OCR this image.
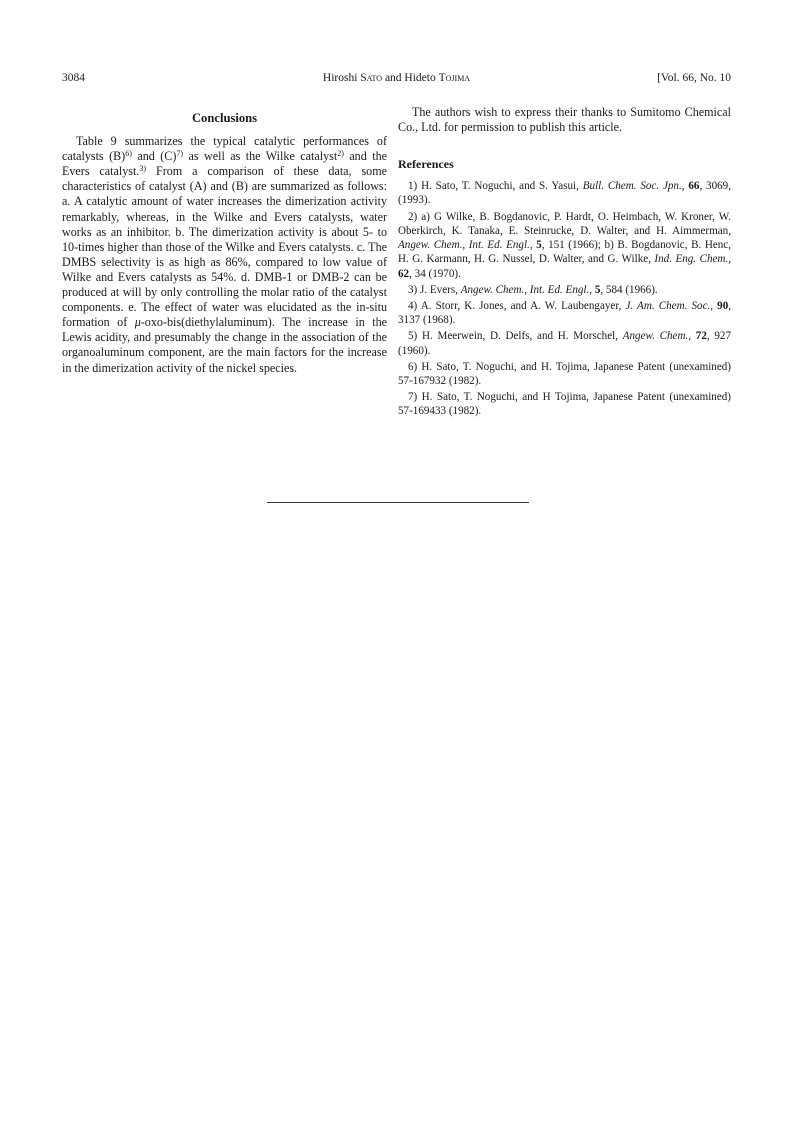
3084	Hiroshi Sato and Hideto Tojima	[Vol. 66, No. 10
Conclusions

Table 9 summarizes the typical catalytic performances of catalysts $(B)^{6)}$ and $(C)^{7)}$ as well as the Wilke catalyst$^{2)}$ and the Evers catalyst.$^{3)}$ From a comparison of these data, some characteristics of catalyst (A) and (B) are summarized as follows: a. A catalytic amount of water increases the dimerization activity remarkably, whereas, in the Wilke and Evers catalysts, water works as an inhibitor. b. The dimerization activity is about 5- to 10-times higher than those of the Wilke and Evers catalysts. c. The DMBS selectivity is as high as 86%, compared to low value of Wilke and Evers catalysts as 54%. d. DMB-1 or DMB-2 can be produced at will by only controlling the molar ratio of the catalyst components. e. The effect of water was elucidated as the in-situ formation of μ-oxo-bis(diethylaluminum). The increase in the Lewis acidity, and presumably the change in the association of the organoaluminum component, are the main factors for the increase in the dimerization activity of the nickel species.

The authors wish to express their thanks to Sumitomo Chemical Co., Ltd. for permission to publish this article.

References
1) H. Sato, T. Noguchi, and S. Yasui, Bull. Chem. Soc. Jpn., 66, 3069, (1993).
2) a) G Wilke, B. Bogdanovic, P. Hardt, O. Heimbach, W. Kroner, W. Oberkirch, K. Tanaka, E. Steinrucke, D. Walter, and H. Aimmerman, Angew. Chem., Int. Ed. Engl., 5, 151 (1966); b) B. Bogdanovic, B. Henc, H. G. Karmann, H. G. Nussel, D. Walter, and G. Wilke, Ind. Eng. Chem., 62, 34 (1970).
3) J. Evers, Angew. Chem., Int. Ed. Engl., 5, 584 (1966).
4) A. Storr, K. Jones, and A. W. Laubengayer, J. Am. Chem. Soc., 90, 3137 (1968).
5) H. Meerwein, D. Delfs, and H. Morschel, Angew. Chem., 72, 927 (1960).
6) H. Sato, T. Noguchi, and H. Tojima, Japanese Patent (unexamined) 57-167932 (1982).
7) H. Sato, T. Noguchi, and H Tojima, Japanese Patent (unexamined) 57-169433 (1982).
